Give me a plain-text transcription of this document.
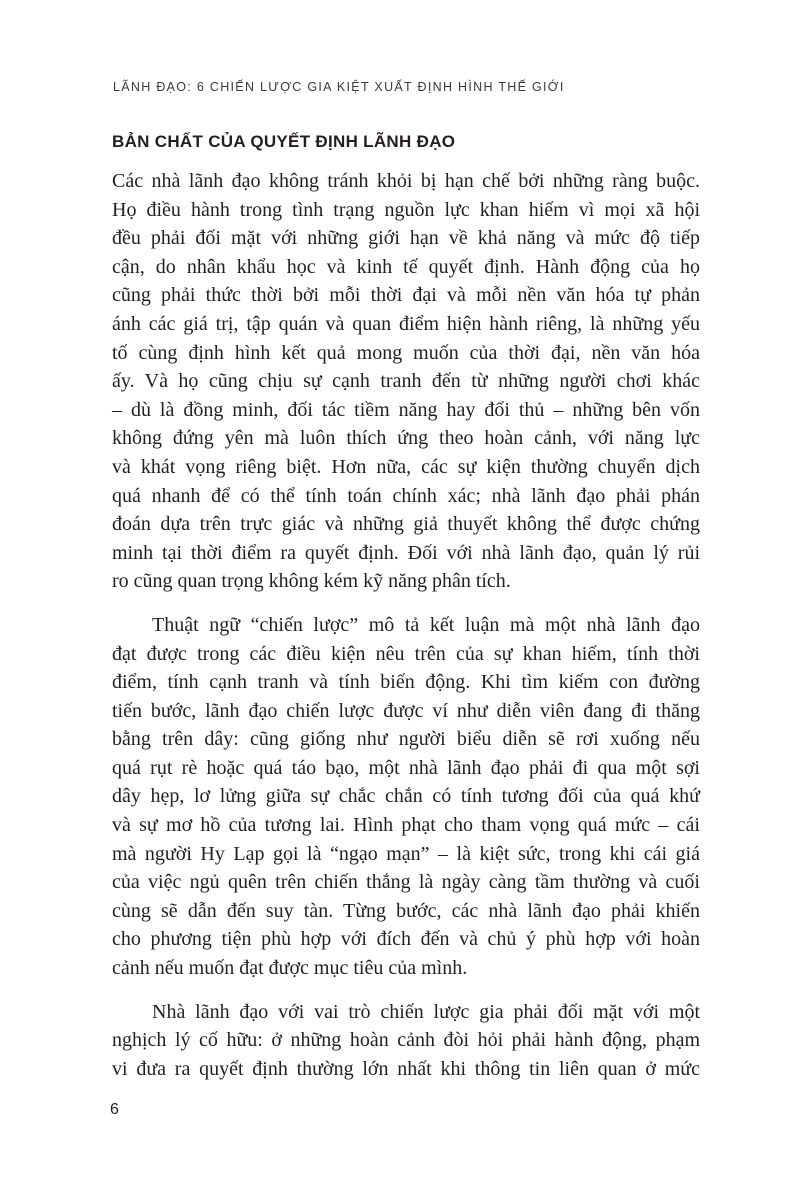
LÃNH ĐẠO: 6 CHIẾN LƯỢC GIA KIỆT XUẤT ĐỊNH HÌNH THẾ GIỚI
BẢN CHẤT CỦA QUYẾT ĐỊNH LÃNH ĐẠO
Các nhà lãnh đạo không tránh khỏi bị hạn chế bởi những ràng buộc.
Họ điều hành trong tình trạng nguồn lực khan hiếm vì mọi xã hội
đều phải đối mặt với những giới hạn về khả năng và mức độ tiếp
cận, do nhân khẩu học và kinh tế quyết định. Hành động của họ
cũng phải thức thời bởi mỗi thời đại và mỗi nền văn hóa tự phản
ánh các giá trị, tập quán và quan điểm hiện hành riêng, là những yếu
tố cùng định hình kết quả mong muốn của thời đại, nền văn hóa
ấy. Và họ cũng chịu sự cạnh tranh đến từ những người chơi khác
– dù là đồng minh, đối tác tiềm năng hay đối thủ – những bên vốn
không đứng yên mà luôn thích ứng theo hoàn cảnh, với năng lực
và khát vọng riêng biệt. Hơn nữa, các sự kiện thường chuyển dịch
quá nhanh để có thể tính toán chính xác; nhà lãnh đạo phải phán
đoán dựa trên trực giác và những giả thuyết không thể được chứng
minh tại thời điểm ra quyết định. Đối với nhà lãnh đạo, quản lý rủi
ro cũng quan trọng không kém kỹ năng phân tích.
Thuật ngữ “chiến lược” mô tả kết luận mà một nhà lãnh đạo
đạt được trong các điều kiện nêu trên của sự khan hiếm, tính thời
điểm, tính cạnh tranh và tính biến động. Khi tìm kiếm con đường
tiến bước, lãnh đạo chiến lược được ví như diễn viên đang đi thăng
bằng trên dây: cũng giống như người biểu diễn sẽ rơi xuống nếu
quá rụt rè hoặc quá táo bạo, một nhà lãnh đạo phải đi qua một sợi
dây hẹp, lơ lửng giữa sự chắc chắn có tính tương đối của quá khứ
và sự mơ hồ của tương lai. Hình phạt cho tham vọng quá mức – cái
mà người Hy Lạp gọi là “ngạo mạn” – là kiệt sức, trong khi cái giá
của việc ngủ quên trên chiến thắng là ngày càng tầm thường và cuối
cùng sẽ dẫn đến suy tàn. Từng bước, các nhà lãnh đạo phải khiến
cho phương tiện phù hợp với đích đến và chủ ý phù hợp với hoàn
cảnh nếu muốn đạt được mục tiêu của mình.
Nhà lãnh đạo với vai trò chiến lược gia phải đối mặt với một
nghịch lý cố hữu: ở những hoàn cảnh đòi hỏi phải hành động, phạm
vi đưa ra quyết định thường lớn nhất khi thông tin liên quan ở mức
6
